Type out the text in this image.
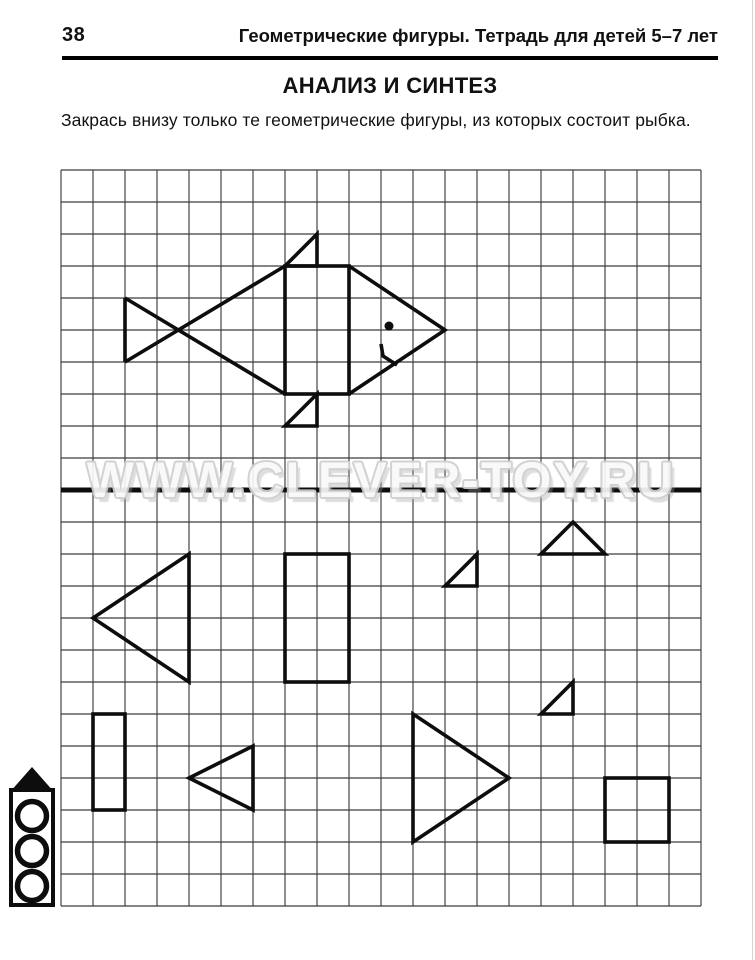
38	Геометрические фигуры. Тетрадь для детей 5–7 лет
АНАЛИЗ И СИНТЕЗ
Закрась внизу только те геометрические фигуры, из которых состоит рыбка.
WWW.CLEVER-TOY.RU
